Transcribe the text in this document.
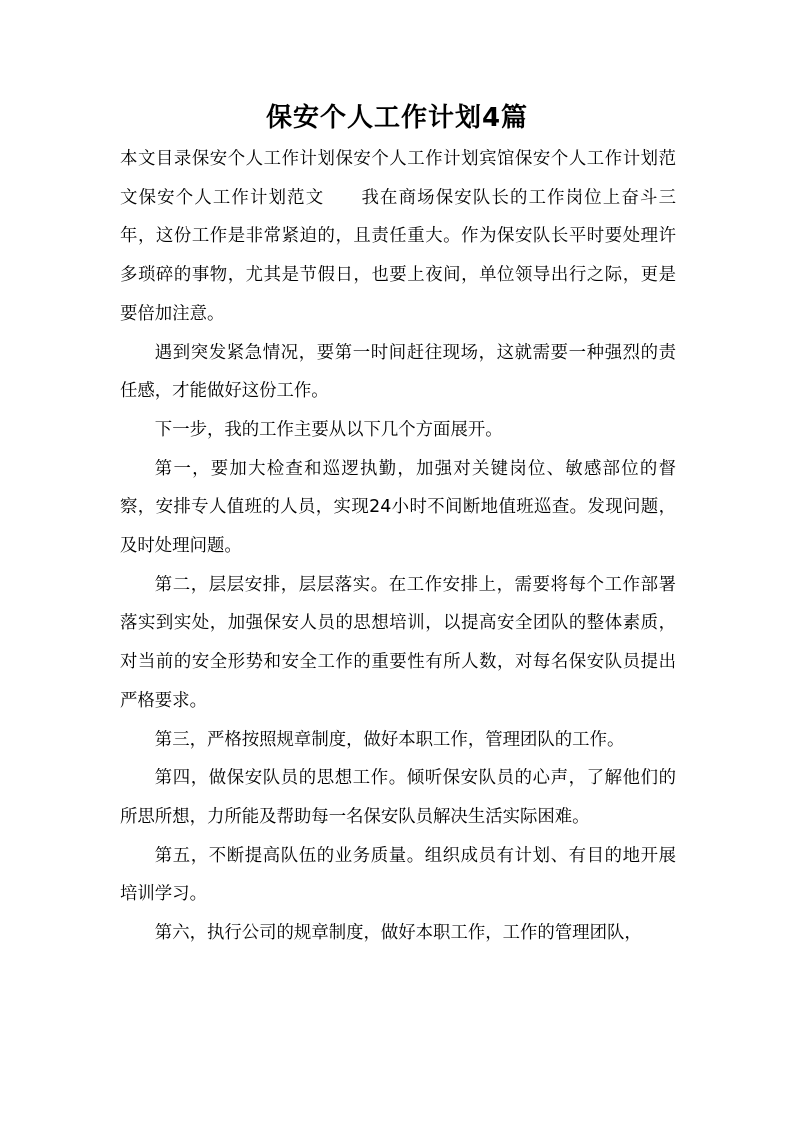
保安个人工作计划4篇

本文目录保安个人工作计划保安个人工作计划宾馆保安个人工作计划范文保安个人工作计划范文　　我在商场保安队长的工作岗位上奋斗三年，这份工作是非常紧迫的，且责任重大。作为保安队长平时要处理许多琐碎的事物，尤其是节假日，也要上夜间，单位领导出行之际，更是要倍加注意。

遇到突发紧急情况，要第一时间赶往现场，这就需要一种强烈的责任感，才能做好这份工作。

下一步，我的工作主要从以下几个方面展开。

第一，要加大检查和巡逻执勤，加强对关键岗位、敏感部位的督察，安排专人值班的人员，实现24小时不间断地值班巡查。发现问题，及时处理问题。

第二，层层安排，层层落实。在工作安排上，需要将每个工作部署落实到实处，加强保安人员的思想培训，以提高安全团队的整体素质，对当前的安全形势和安全工作的重要性有所人数，对每名保安队员提出严格要求。

第三，严格按照规章制度，做好本职工作，管理团队的工作。

第四，做保安队员的思想工作。倾听保安队员的心声，了解他们的所思所想，力所能及帮助每一名保安队员解决生活实际困难。

第五，不断提高队伍的业务质量。组织成员有计划、有目的地开展培训学习。

第六，执行公司的规章制度，做好本职工作，工作的管理团队，
